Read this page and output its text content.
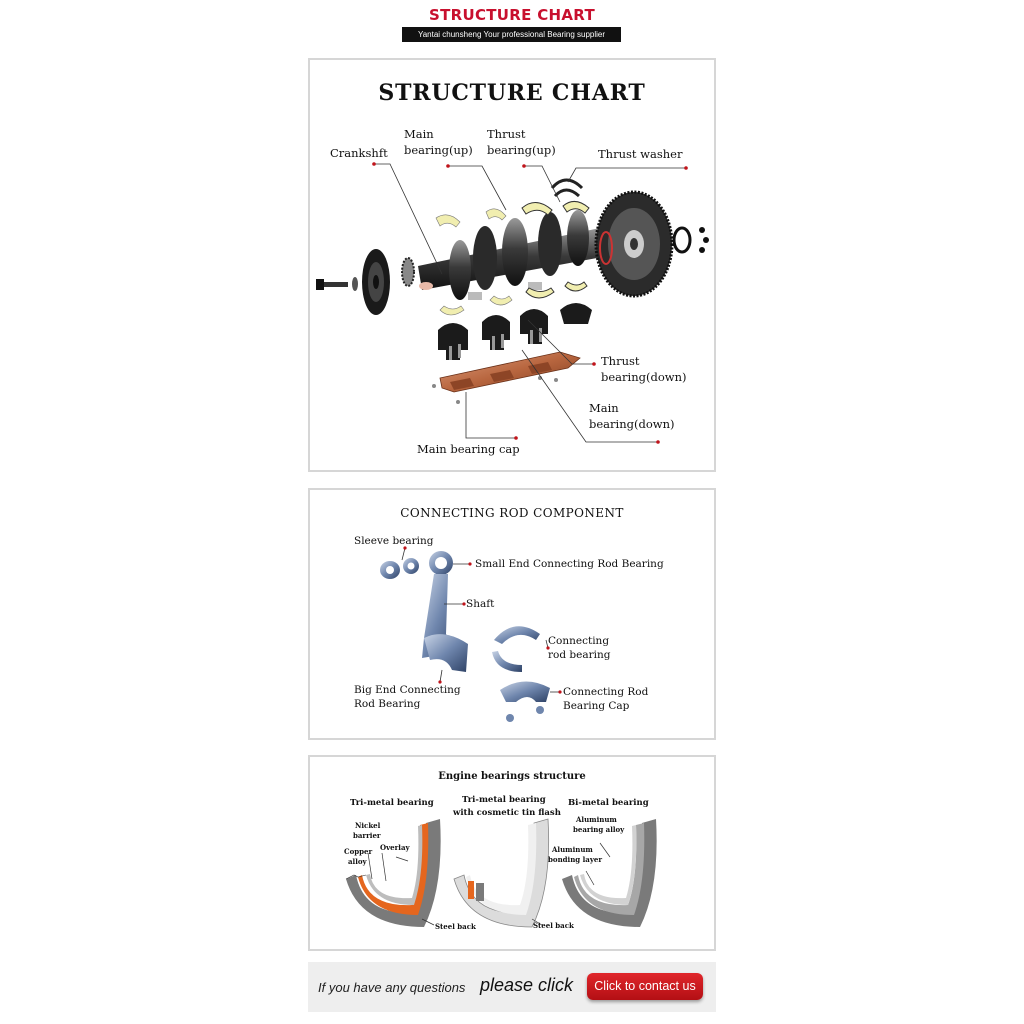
STRUCTURE CHART
Yantai chunsheng Your professional Bearing supplier
STRUCTURE CHART
Crankshft
Main
bearing(up)
Thrust
bearing(up)	Thrust washer
Thrust
bearing(down)
Main
bearing(down)
Main bearing cap
CONNECTING ROD COMPONENT
Sleeve bearing
Small End Connecting Rod Bearing
Shaft
Connecting
rod bearing
Big End Connecting
Rod Bearing
Connecting Rod
Bearing Cap
Engine bearings structure
Tri-metal bearing	Tri-metal bearing
with cosmetic tin flash
Bi-metal bearing
Nickel
barrier
Overlay
Copper
alloy
Aluminum
bearing alloy
Aluminum
bonding layer
Steel back	Steel back
If you have any questions please click	Click to contact us
